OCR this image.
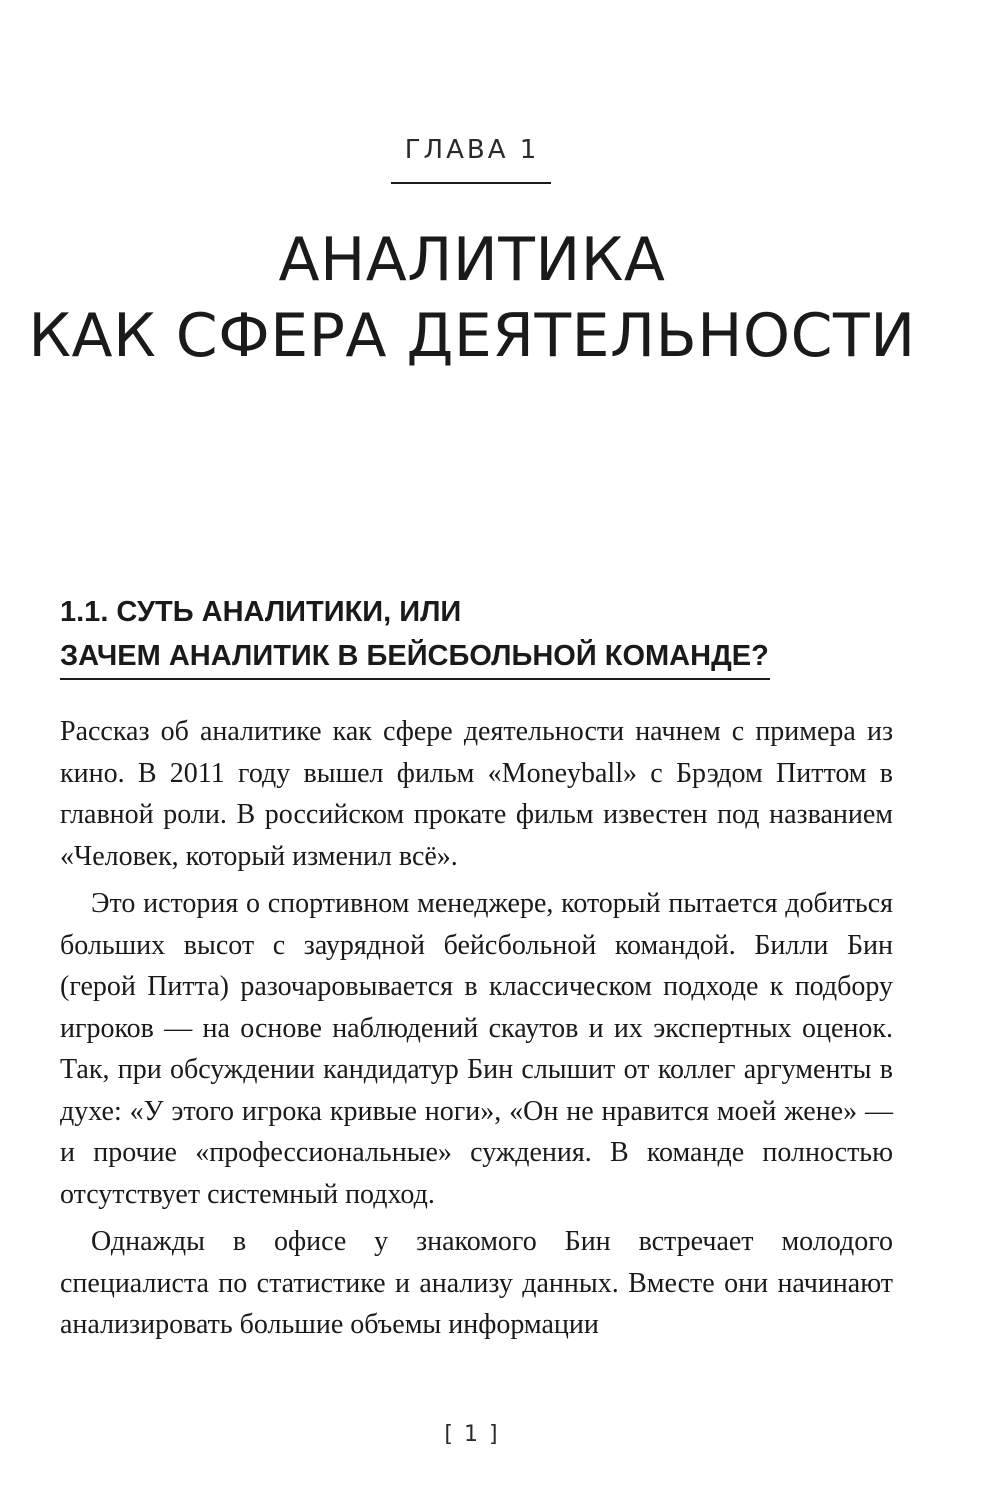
ГЛАВА 1
АНАЛИТИКА
КАК СФЕРА ДЕЯТЕЛЬНОСТИ
1.1. СУТЬ АНАЛИТИКИ, ИЛИ
ЗАЧЕМ АНАЛИТИК В БЕЙСБОЛЬНОЙ КОМАНДЕ?

Рассказ об аналитике как сфере деятельности начнем с примера из кино. В 2011 году вышел фильм «Moneyball» с Брэдом Питтом в главной роли. В российском прокате фильм известен под названием «Человек, который изменил всё».

Это история о спортивном менеджере, который пытается добиться больших высот с заурядной бейсбольной командой. Билли Бин (герой Питта) разочаровывается в классическом подходе к подбору игроков — на основе наблюдений скаутов и их экспертных оценок. Так, при обсуждении кандидатур Бин слышит от коллег аргументы в духе: «У этого игрока кривые ноги», «Он не нравится моей жене» — и прочие «профессиональные» суждения. В команде полностью отсутствует системный подход.

Однажды в офисе у знакомого Бин встречает молодого специалиста по статистике и анализу данных. Вместе они начинают анализировать большие объемы информации

[ 1 ]
